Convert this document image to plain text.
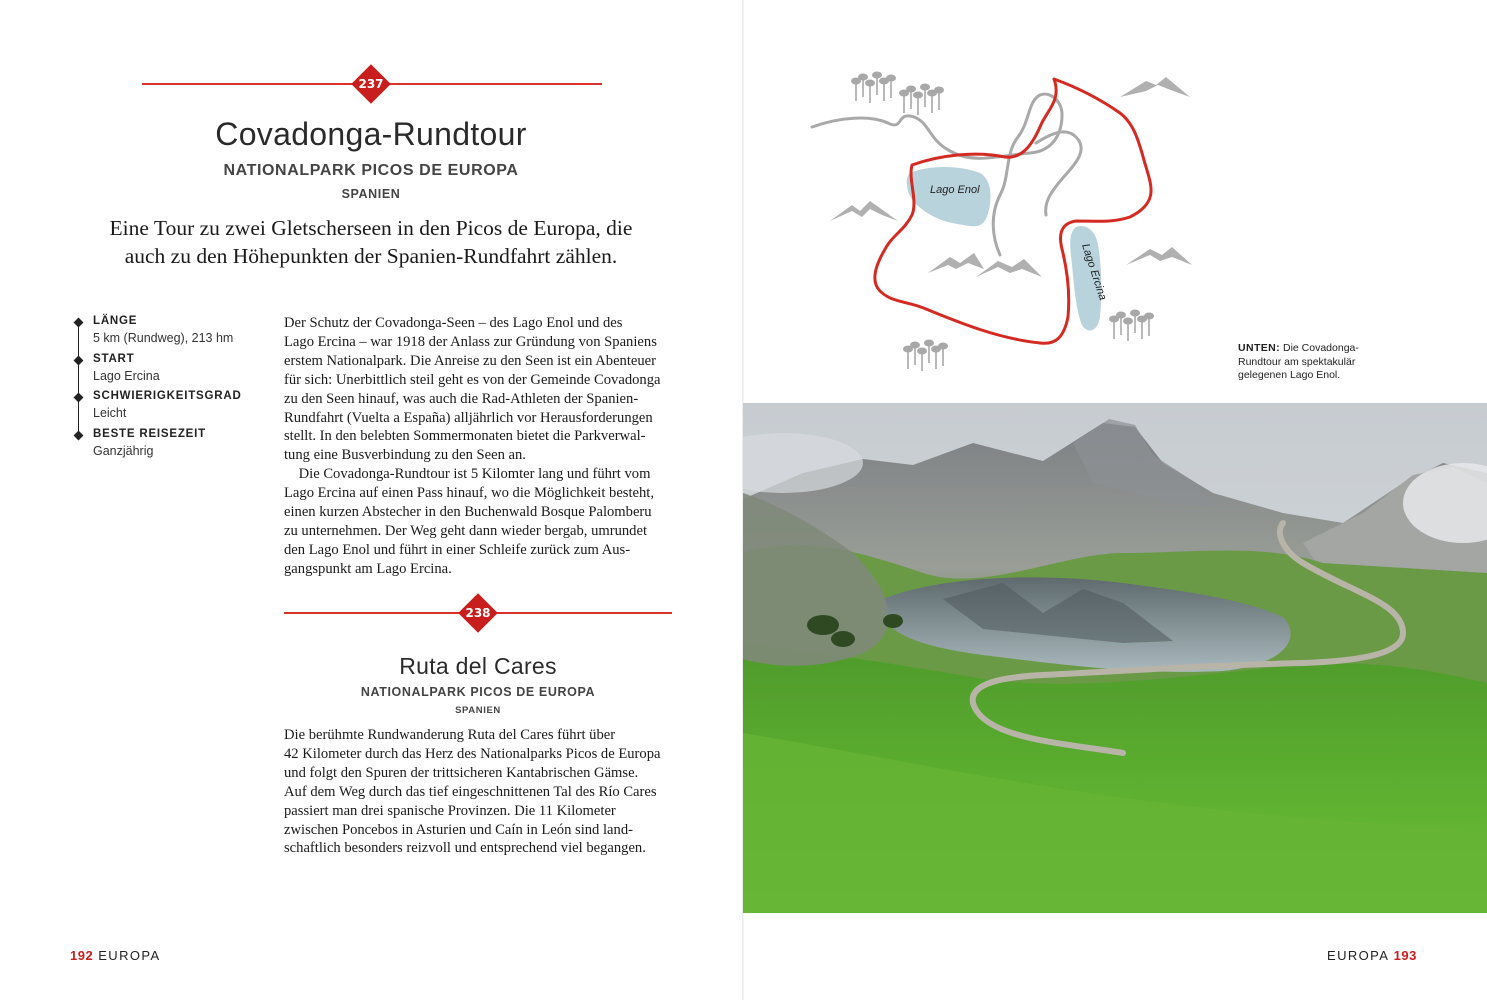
237
Covadonga-Rundtour
NATIONALPARK PICOS DE EUROPA
SPANIEN
Eine Tour zu zwei Gletscherseen in den Picos de Europa, die
auch zu den Höhepunkten der Spanien-Rundfahrt zählen.
LÄNGE
5 km (Rundweg), 213 hm
START
Lago Ercina
SCHWIERIGKEITSGRAD
Leicht
BESTE REISEZEIT
Ganzjährig
Der Schutz der Covadonga-Seen – des Lago Enol und des
Lago Ercina – war 1918 der Anlass zur Gründung von Spaniens
erstem Nationalpark. Die Anreise zu den Seen ist ein Abenteuer
für sich: Unerbittlich steil geht es von der Gemeinde Covadonga
zu den Seen hinauf, was auch die Rad-Athleten der Spanien-
Rundfahrt (Vuelta a España) alljährlich vor Herausforderungen
stellt. In den belebten Sommermonaten bietet die Parkverwal-
tung eine Busverbindung zu den Seen an.
Die Covadonga-Rundtour ist 5 Kilomter lang und führt vom
Lago Ercina auf einen Pass hinauf, wo die Möglichkeit besteht,
einen kurzen Abstecher in den Buchenwald Bosque Palomberu
zu unternehmen. Der Weg geht dann wieder bergab, umrundet
den Lago Enol und führt in einer Schleife zurück zum Aus-
gangspunkt am Lago Ercina.
238
Ruta del Cares
NATIONALPARK PICOS DE EUROPA
SPANIEN
Die berühmte Rundwanderung Ruta del Cares führt über
42 Kilometer durch das Herz des Nationalparks Picos de Europa
und folgt den Spuren der trittsicheren Kantabrischen Gämse.
Auf dem Weg durch das tief eingeschnittenen Tal des Río Cares
passiert man drei spanische Provinzen. Die 11 Kilometer
zwischen Poncebos in Asturien und Caín in León sind land-
schaftlich besonders reizvoll und entsprechend viel begangen.
192 EUROPA
Lago Enol
Lago Ercina
UNTEN: Die Covadonga-Rundtour am spektakulär gelegenen Lago Enol.
EUROPA 193
